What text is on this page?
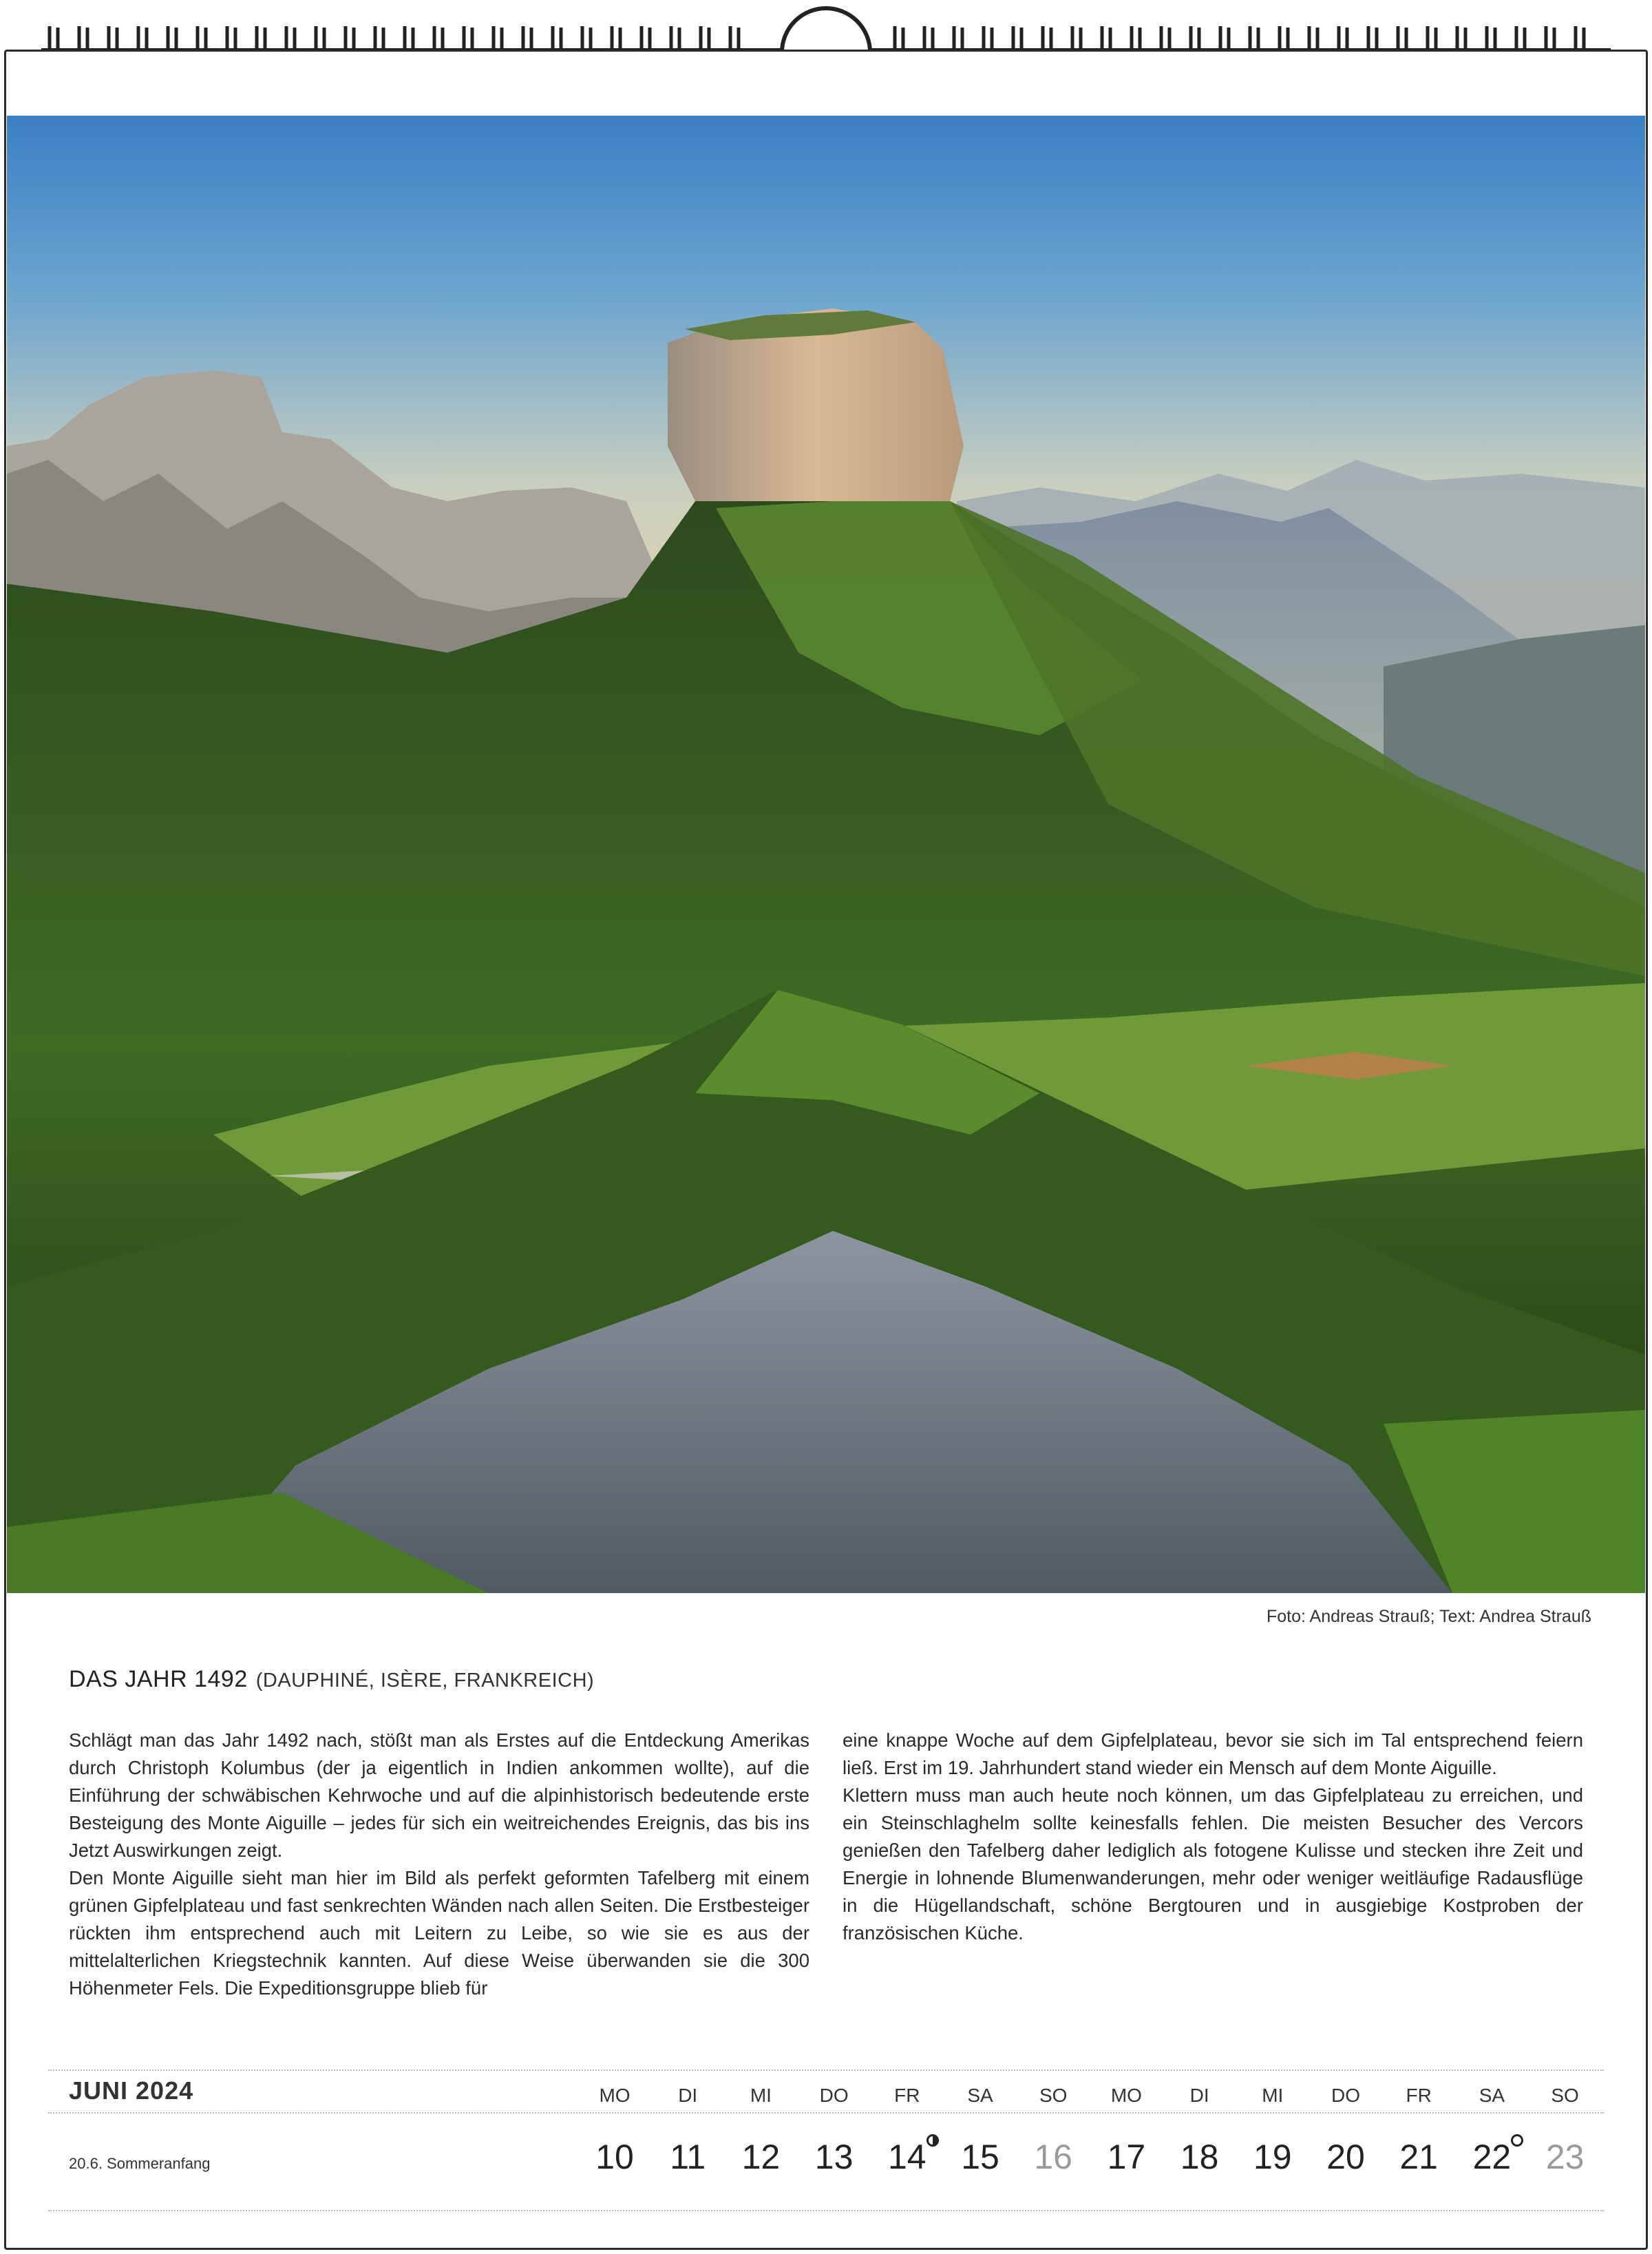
Foto: Andreas Strauß; Text: Andrea Strauß
DAS JAHR 1492 (DAUPHINÉ, ISÈRE, FRANKREICH)

Schlägt man das Jahr 1492 nach, stößt man als Erstes auf die Entdeckung Amerikas durch Christoph Kolumbus (der ja eigentlich in Indien ankommen wollte), auf die Einführung der schwäbischen Kehrwoche und auf die alpinhistorisch bedeutende erste Besteigung des Monte Aiguille – jedes für sich ein weitreichendes Ereignis, das bis ins Jetzt Auswirkungen zeigt.

Den Monte Aiguille sieht man hier im Bild als perfekt geformten Tafelberg mit einem grünen Gipfelplateau und fast senkrechten Wänden nach allen Seiten. Die Erstbesteiger rückten ihm entsprechend auch mit Leitern zu Leibe, so wie sie es aus der mittelalterlichen Kriegstechnik kannten. Auf diese Weise überwanden sie die 300 Höhenmeter Fels. Die Expeditionsgruppe blieb für

eine knappe Woche auf dem Gipfelplateau, bevor sie sich im Tal entsprechend feiern ließ. Erst im 19. Jahrhundert stand wieder ein Mensch auf dem Monte Aiguille.

Klettern muss man auch heute noch können, um das Gipfelplateau zu erreichen, und ein Steinschlaghelm sollte keinesfalls fehlen. Die meisten Besucher des Vercors genießen den Tafelberg daher lediglich als fotogene Kulisse und stecken ihre Zeit und Energie in lohnende Blumenwanderungen, mehr oder weniger weitläufige Radausflüge in die Hügellandschaft, schöne Bergtouren und in ausgiebige Kostproben der französischen Küche.

JUNI 2024
20.6. Sommeranfang
MO
10
DI
11
MI
12
DO
13
FR
14
SA
15
SO
16
MO
17
DI
18
MI
19
DO
20
FR
21
SA
22
SO
23
